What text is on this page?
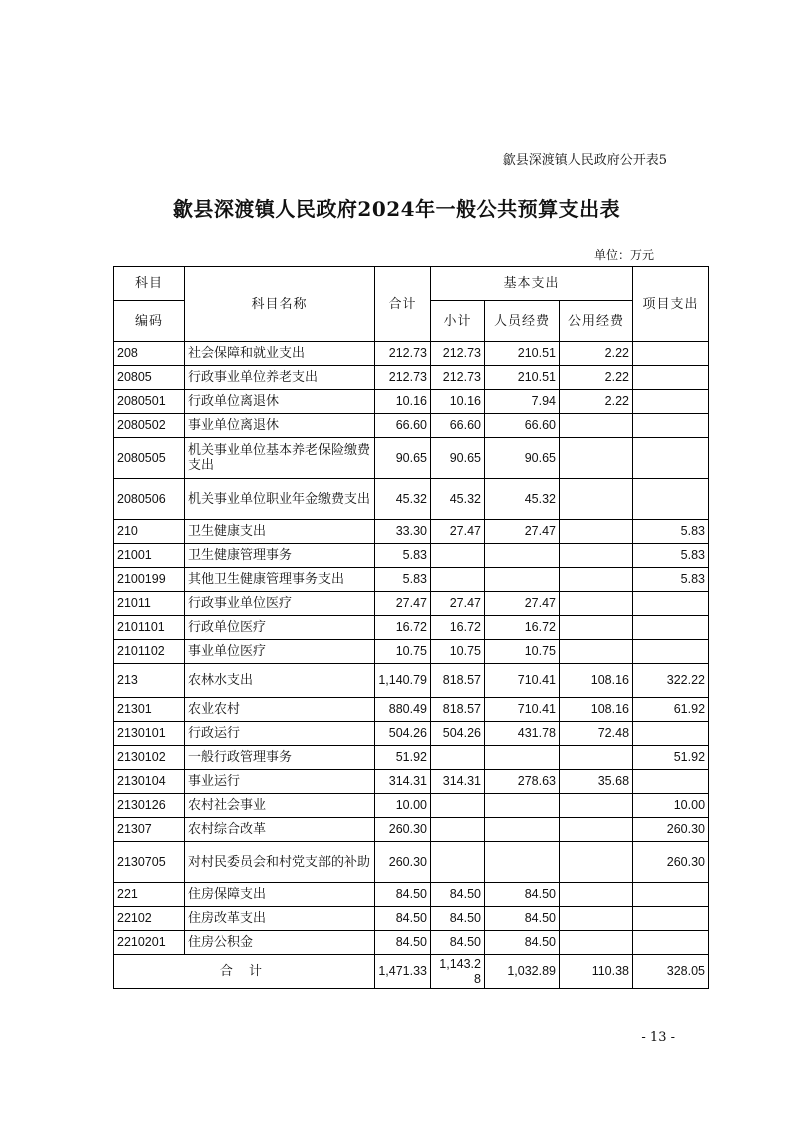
歙县深渡镇人民政府公开表5
歙县深渡镇人民政府2024年一般公共预算支出表
单位：万元
科目	科目名称	合计	基本支出			项目支出
编码			小计	人员经费	公用经费	
208	社会保障和就业支出	212.73	212.73	210.51	2.22	
20805	行政事业单位养老支出	212.73	212.73	210.51	2.22	
2080501	行政单位离退休	10.16	10.16	7.94	2.22	
2080502	事业单位离退休	66.60	66.60	66.60		
2080505	机关事业单位基本养老保险缴费支出	90.65	90.65	90.65		
2080506	机关事业单位职业年金缴费支出	45.32	45.32	45.32		
210	卫生健康支出	33.30	27.47	27.47		5.83
21001	卫生健康管理事务	5.83				5.83
2100199	其他卫生健康管理事务支出	5.83				5.83
21011	行政事业单位医疗	27.47	27.47	27.47		
2101101	行政单位医疗	16.72	16.72	16.72		
2101102	事业单位医疗	10.75	10.75	10.75		
213	农林水支出	1,140.79	818.57	710.41	108.16	322.22
21301	农业农村	880.49	818.57	710.41	108.16	61.92
2130101	行政运行	504.26	504.26	431.78	72.48	
2130102	一般行政管理事务	51.92				51.92
2130104	事业运行	314.31	314.31	278.63	35.68	
2130126	农村社会事业	10.00				10.00
21307	农村综合改革	260.30				260.30
2130705	对村民委员会和村党支部的补助	260.30				260.30
221	住房保障支出	84.50	84.50	84.50		
22102	住房改革支出	84.50	84.50	84.50		
2210201	住房公积金	84.50	84.50	84.50		
合 计		1,471.33	1,143.28	1,032.89	110.38	328.05
- 13 -
